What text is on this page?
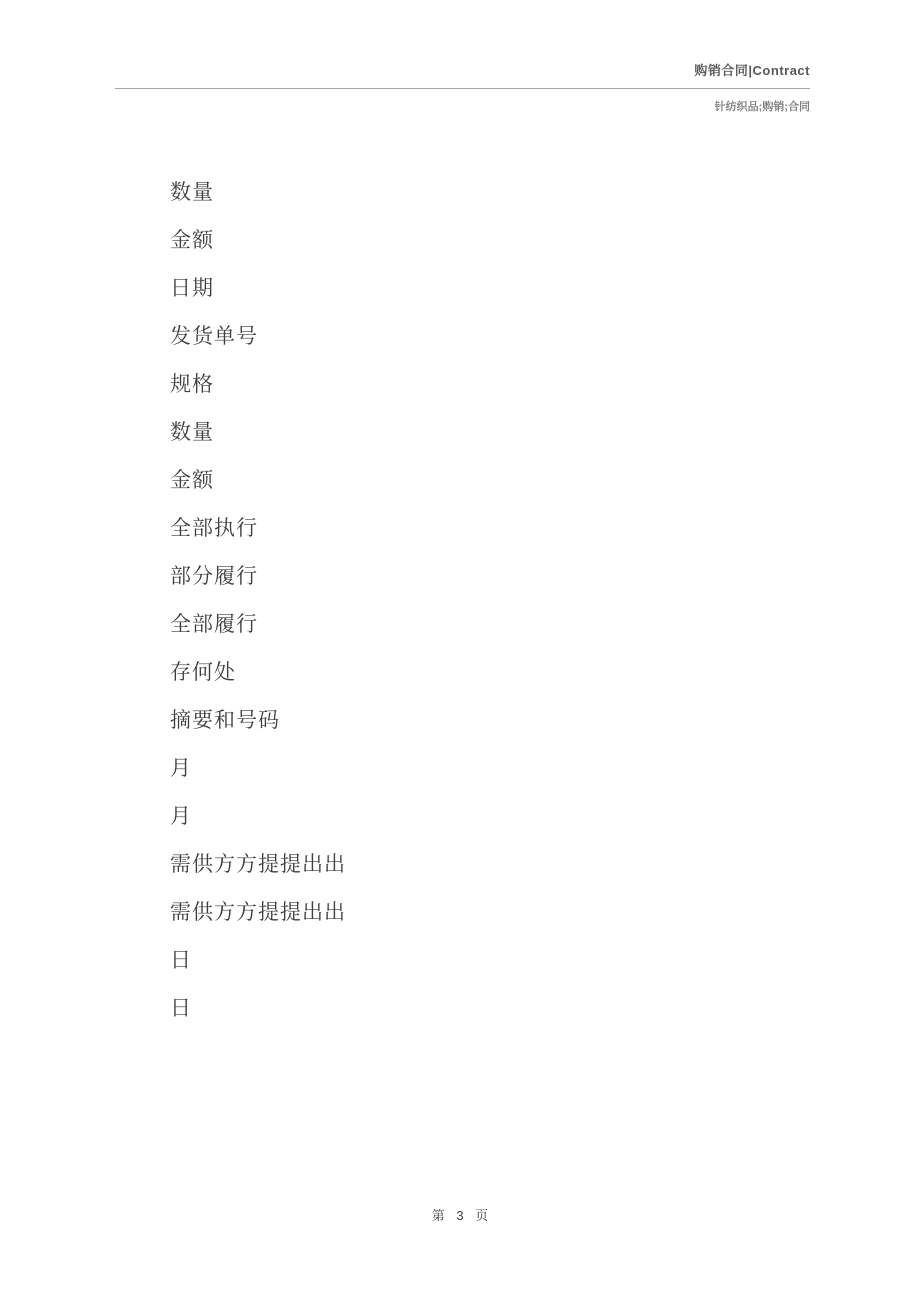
购销合同|Contract
针纺织品;购销;合同
数量
金额
日期
发货单号
规格
数量
金额
全部执行
部分履行
全部履行
存何处
摘要和号码
月
月
需供方方提提出出
需供方方提提出出
日
日
第 3 页
